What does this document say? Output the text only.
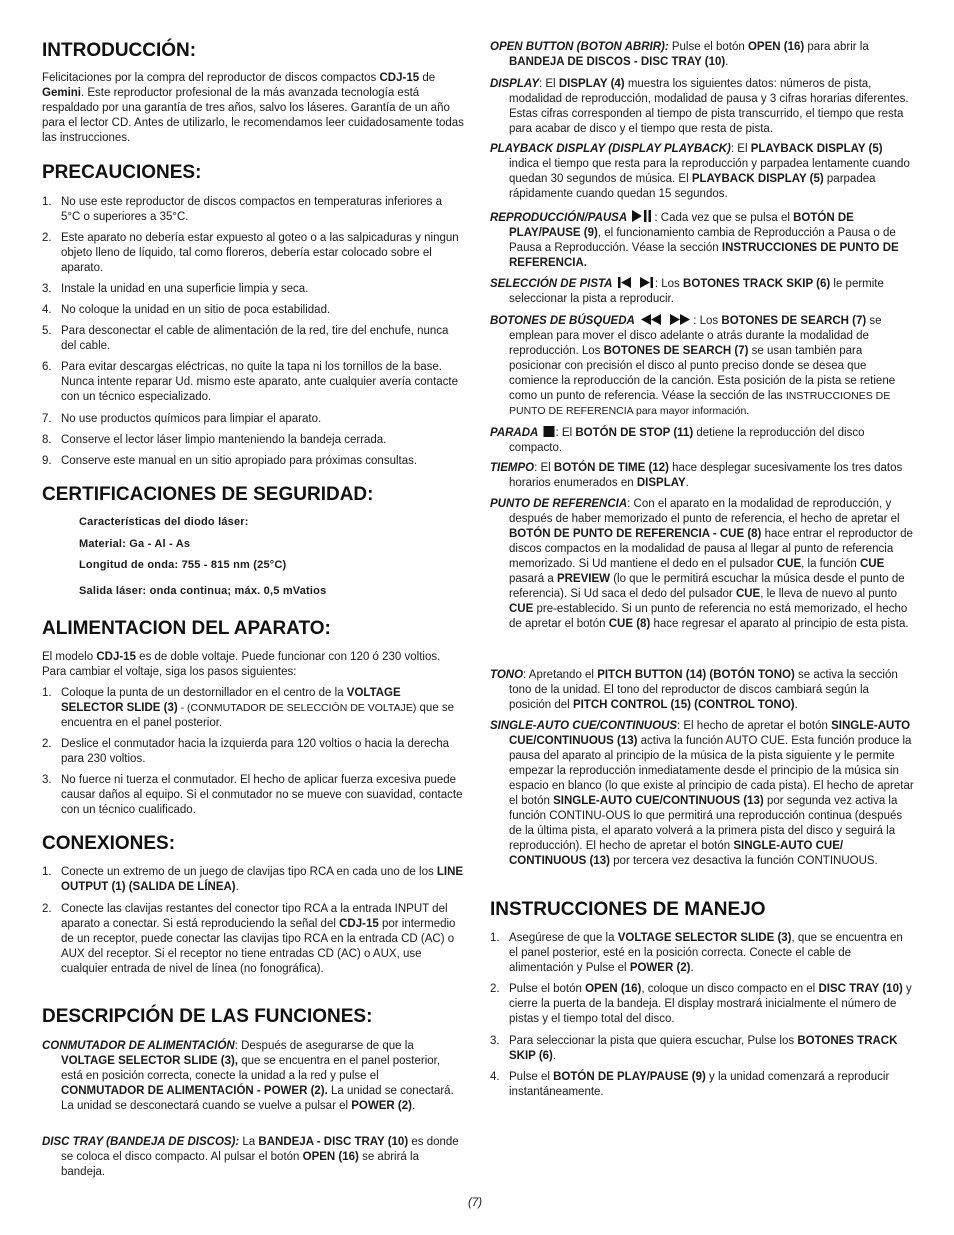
INTRODUCCIÓN:

Felicitaciones por la compra del reproductor de discos compactos CDJ-15 de Gemini. Este reproductor profesional de la más avanzada tecnología está respaldado por una garantía de tres años, salvo los láseres. Garantía de un año para el lector CD. Antes de utilizarlo, le recomendamos leer cuidadosamente todas las instrucciones.

PRECAUCIONES:

1. No use este reproductor de discos compactos en temperaturas inferiores a 5°C o superiores a 35°C.

2. Este aparato no debería estar expuesto al goteo o a las salpicaduras y ningun objeto lleno de líquido, tal como floreros, debería estar colocado sobre el aparato.

3. Instale la unidad en una superficie limpia y seca.

4. No coloque la unidad en un sitio de poca estabilidad.

5. Para desconectar el cable de alimentación de la red, tire del enchufe, nunca del cable.

6. Para evitar descargas eléctricas, no quite la tapa ni los tornillos de la base. Nunca intente reparar Ud. mismo este aparato, ante cualquier avería contacte con un técnico especializado.

7. No use productos químicos para limpiar el aparato.

8. Conserve el lector láser limpio manteniendo la bandeja cerrada.

9. Conserve este manual en un sitio apropiado para próximas consultas.

CERTIFICACIONES DE SEGURIDAD:

Características del diodo láser:

Material: Ga - Al - As

Longitud de onda: 755 - 815 nm (25°C)

Salida láser: onda continua; máx. 0,5 mVatios

ALIMENTACION DEL APARATO:

El modelo CDJ-15 es de doble voltaje. Puede funcionar con 120 ó 230 voltios. Para cambiar el voltaje, siga los pasos siguientes:

1. Coloque la punta de un destornillador en el centro de la VOLTAGE SELECTOR SLIDE (3) - (CONMUTADOR DE SELECCIÓN DE VOLTAJE) que se encuentra en el panel posterior.

2. Deslice el conmutador hacia la izquierda para 120 voltios o hacia la derecha para 230 voltios.

3. No fuerce ni tuerza el conmutador. El hecho de aplicar fuerza excesiva puede causar daños al equipo. Si el conmutador no se mueve con suavidad, contacte con un técnico cualificado.

CONEXIONES:

1. Conecte un extremo de un juego de clavijas tipo RCA en cada uno de los LINE OUTPUT (1) (SALIDA DE LÍNEA).

2. Conecte las clavijas restantes del conector tipo RCA a la entrada INPUT del aparato a conectar. Si está reproduciendo la señal del CDJ-15 por intermedio de un receptor, puede conectar las clavijas tipo RCA en la entrada CD (AC) o AUX del receptor. Si el receptor no tiene entradas CD (AC) o AUX, use cualquier entrada de nivel de línea (no fonográfica).

DESCRIPCIÓN DE LAS FUNCIONES:

CONMUTADOR DE ALIMENTACIÓN: Después de asegurarse de que la VOLTAGE SELECTOR SLIDE (3), que se encuentra en el panel posterior, está en posición correcta, conecte la unidad a la red y pulse el CONMUTADOR DE ALIMENTACIÓN - POWER (2). La unidad se conectará. La unidad se desconectará cuando se vuelve a pulsar el POWER (2).

DISC TRAY (BANDEJA DE DISCOS): La BANDEJA - DISC TRAY (10) es donde se coloca el disco compacto. Al pulsar el botón OPEN (16) se abrirá la bandeja.

OPEN BUTTON (BOTON ABRIR): Pulse el botón OPEN (16) para abrir la BANDEJA DE DISCOS - DISC TRAY (10).

DISPLAY: El DISPLAY (4) muestra los siguientes datos: números de pista, modalidad de reproducción, modalidad de pausa y 3 cifras horarias diferentes. Estas cifras corresponden al tiempo de pista transcurrido, el tiempo que resta para acabar de disco y el tiempo que resta de pista.

PLAYBACK DISPLAY (DISPLAY PLAYBACK): El PLAYBACK DISPLAY (5) indica el tiempo que resta para la reproducción y parpadea lentamente cuando quedan 30 segundos de música. El PLAYBACK DISPLAY (5) parpadea rápidamente cuando quedan 15 segundos.

REPRODUCCIÓN/PAUSA : Cada vez que se pulsa el BOTÓN DE PLAY/PAUSE (9), el funcionamiento cambia de Reproducción a Pausa o de Pausa a Reproducción. Véase la sección INSTRUCCIONES DE PUNTO DE REFERENCIA.

SELECCIÓN DE PISTA
	: Los BOTONES TRACK SKIP (6) le permite seleccionar la pista a reproducir.

BOTONES DE BÚSQUEDA
	: Los BOTONES DE SEARCH (7) se emplean para mover el disco adelante o atrás durante la modalidad de reproducción. Los BOTONES DE SEARCH (7) se usan también para posicionar con precisión el disco al punto preciso donde se desea que comience la reproducción de la canción. Esta posición de la pista se retiene como un punto de referencia. Véase la sección de las INSTRUCCIONES DE PUNTO DE REFERENCIA para mayor información.

PARADA : El BOTÓN DE STOP (11) detiene la reproducción del disco compacto.

TIEMPO: El BOTÓN DE TIME (12) hace desplegar sucesivamente los tres datos horarios enumerados en DISPLAY.

PUNTO DE REFERENCIA: Con el aparato en la modalidad de reproducción, y después de haber memorizado el punto de referencia, el hecho de apretar el BOTÓN DE PUNTO DE REFERENCIA - CUE (8) hace entrar el reproductor de discos compactos en la modalidad de pausa al llegar al punto de referencia memorizado. Si Ud mantiene el dedo en el pulsador CUE, la función CUE pasará a PREVIEW (lo que le permitirá escuchar la música desde el punto de referencia). Si Ud saca el dedo del pulsador CUE, le lleva de nuevo al punto CUE pre-establecido. Si un punto de referencia no está memorizado, el hecho de apretar el botón CUE (8) hace regresar el aparato al principio de esta pista.

TONO: Apretando el PITCH BUTTON (14) (BOTÓN TONO) se activa la sección tono de la unidad. El tono del reproductor de discos cambiará según la posición del PITCH CONTROL (15) (CONTROL TONO).

SINGLE-AUTO CUE/CONTINUOUS: El hecho de apretar el botón SINGLE-AUTO CUE/CONTINUOUS (13) activa la función AUTO CUE. Esta función produce la pausa del aparato al principio de la música de la pista siguiente y le permite empezar la reproducción inmediatamente desde el principio de la música sin espacio en blanco (lo que existe al principio de cada pista). El hecho de apretar el botón SINGLE-AUTO CUE/CONTINUOUS (13) por segunda vez activa la función CONTINU-OUS lo que permitirá una reproducción continua (después de la última pista, el aparato volverá a la primera pista del disco y seguirá la reproducción). El hecho de apretar el botón SINGLE-AUTO CUE/ CONTINUOUS (13) por tercera vez desactiva la función CONTINUOUS.

INSTRUCCIONES DE MANEJO

1. Asegúrese de que la VOLTAGE SELECTOR SLIDE (3), que se encuentra en el panel posterior, esté en la posición correcta. Conecte el cable de alimentación y Pulse el POWER (2).

2. Pulse el botón OPEN (16), coloque un disco compacto en el DISC TRAY (10) y cierre la puerta de la bandeja. El display mostrará inicialmente el número de pistas y el tiempo total del disco.

3. Para seleccionar la pista que quiera escuchar, Pulse los BOTONES TRACK SKIP (6).

4. Pulse el BOTÓN DE PLAY/PAUSE (9) y la unidad comenzará a reproducir instantáneamente.

(7)
